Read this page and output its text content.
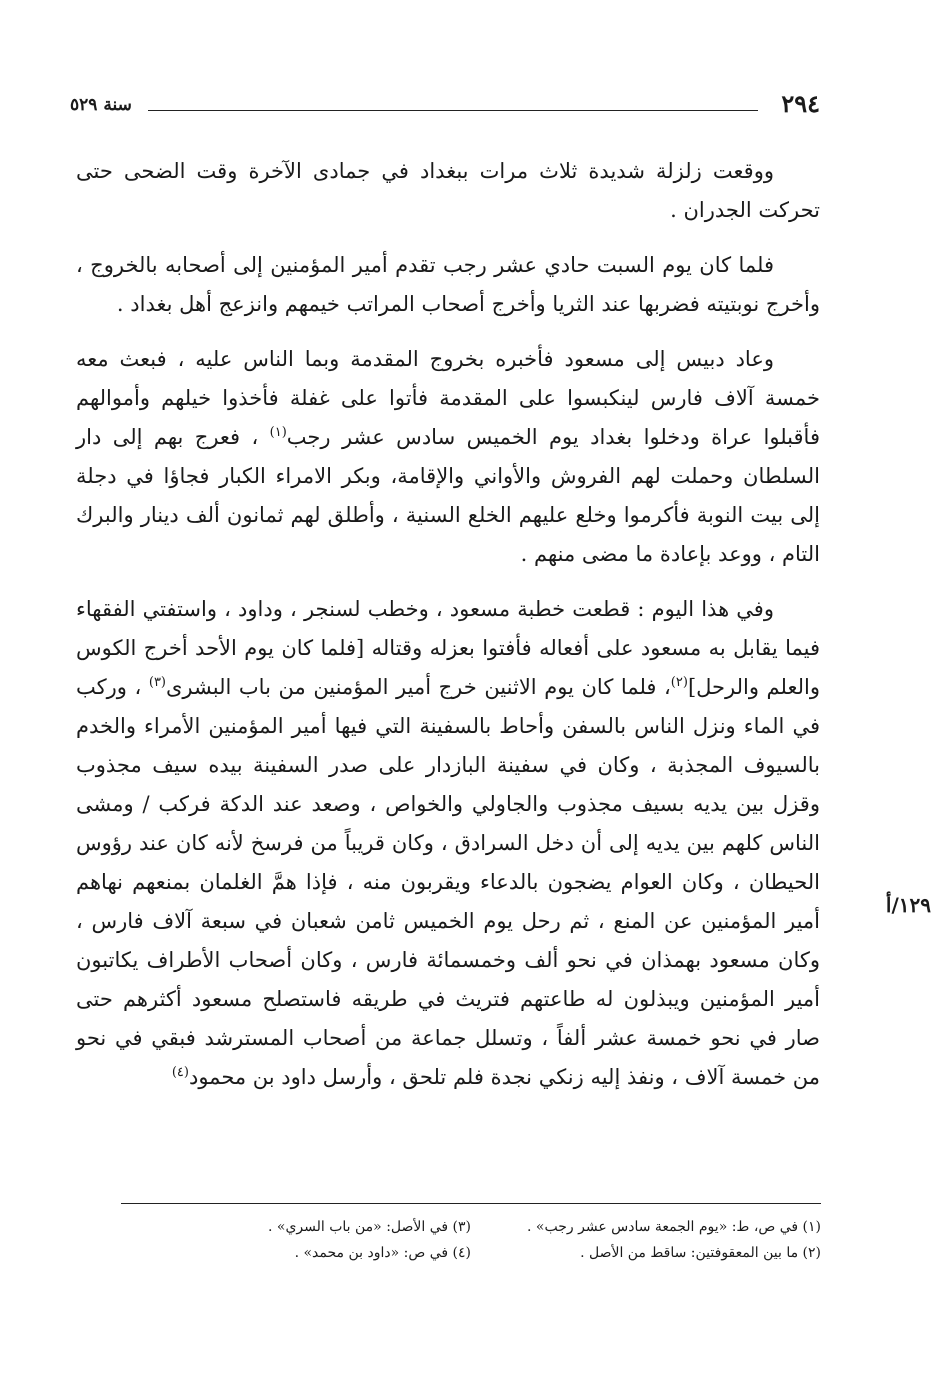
٢٩٤
سنة ٥٢٩
١٢٩/أ

ووقعت زلزلة شديدة ثلاث مرات ببغداد في جمادى الآخرة وقت الضحى حتى تحركت الجدران .

فلما كان يوم السبت حادي عشر رجب تقدم أمير المؤمنين إلى أصحابه بالخروج ، وأخرج نوبتيته فضربها عند الثريا وأخرج أصحاب المراتب خيمهم وانزعج أهل بغداد .

وعاد دبيس إلى مسعود فأخبره بخروج المقدمة وبما الناس عليه ، فبعث معه خمسة آلاف فارس لينكبسوا على المقدمة فأتوا على غفلة فأخذوا خيلهم وأموالهم فأقبلوا عراة ودخلوا بغداد يوم الخميس سادس عشر رجب$^{(١)}$ ، فعرج بهم إلى دار السلطان وحملت لهم الفروش والأواني والإقامة، وبكر الامراء الكبار فجاؤا في دجلة إلى بيت النوبة فأكرموا وخلع عليهم الخلع السنية ، وأطلق لهم ثمانون ألف دينار والبرك التام ، ووعد بإعادة ما مضى منهم .

وفي هذا اليوم : قطعت خطبة مسعود ، وخطب لسنجر ، وداود ، واستفتي الفقهاء فيما يقابل به مسعود على أفعاله فأفتوا بعزله وقتاله [فلما كان يوم الأحد أخرج الكوس والعلم والرحل]$^{(٢)}$، فلما كان يوم الاثنين خرج أمير المؤمنين من باب البشرى$^{(٣)}$ ، وركب في الماء ونزل الناس بالسفن وأحاط بالسفينة التي فيها أمير المؤمنين الأمراء والخدم بالسيوف المجذبة ، وكان في سفينة البازدار على صدر السفينة بيده سيف مجذوب وقزل بين يديه بسيف مجذوب والجاولي والخواص ، وصعد عند الدكة فركب / ومشى الناس كلهم بين يديه إلى أن دخل السرادق ، وكان قريباً من فرسخ لأنه كان عند رؤوس الحيطان ، وكان العوام يضجون بالدعاء ويقربون منه ، فإذا همَّ الغلمان بمنعهم نهاهم أمير المؤمنين عن المنع ، ثم رحل يوم الخميس ثامن شعبان في سبعة آلاف فارس ، وكان مسعود بهمذان في نحو ألف وخمسمائة فارس ، وكان أصحاب الأطراف يكاتبون أمير المؤمنين ويبذلون له طاعتهم فتريث في طريقه فاستصلح مسعود أكثرهم حتى صار في نحو خمسة عشر ألفاً ، وتسلل جماعة من أصحاب المسترشد فبقي في نحو من خمسة آلاف ، ونفذ إليه زنكي نجدة فلم تلحق ، وأرسل داود بن محمود$^{(٤)}$

(١) في ص، ط: «يوم الجمعة سادس عشر رجب» .
(٣) في الأصل: «من باب السري» .
(٢) ما بين المعقوفتين: ساقط من الأصل .
(٤) في ص: «داود بن محمد» .
